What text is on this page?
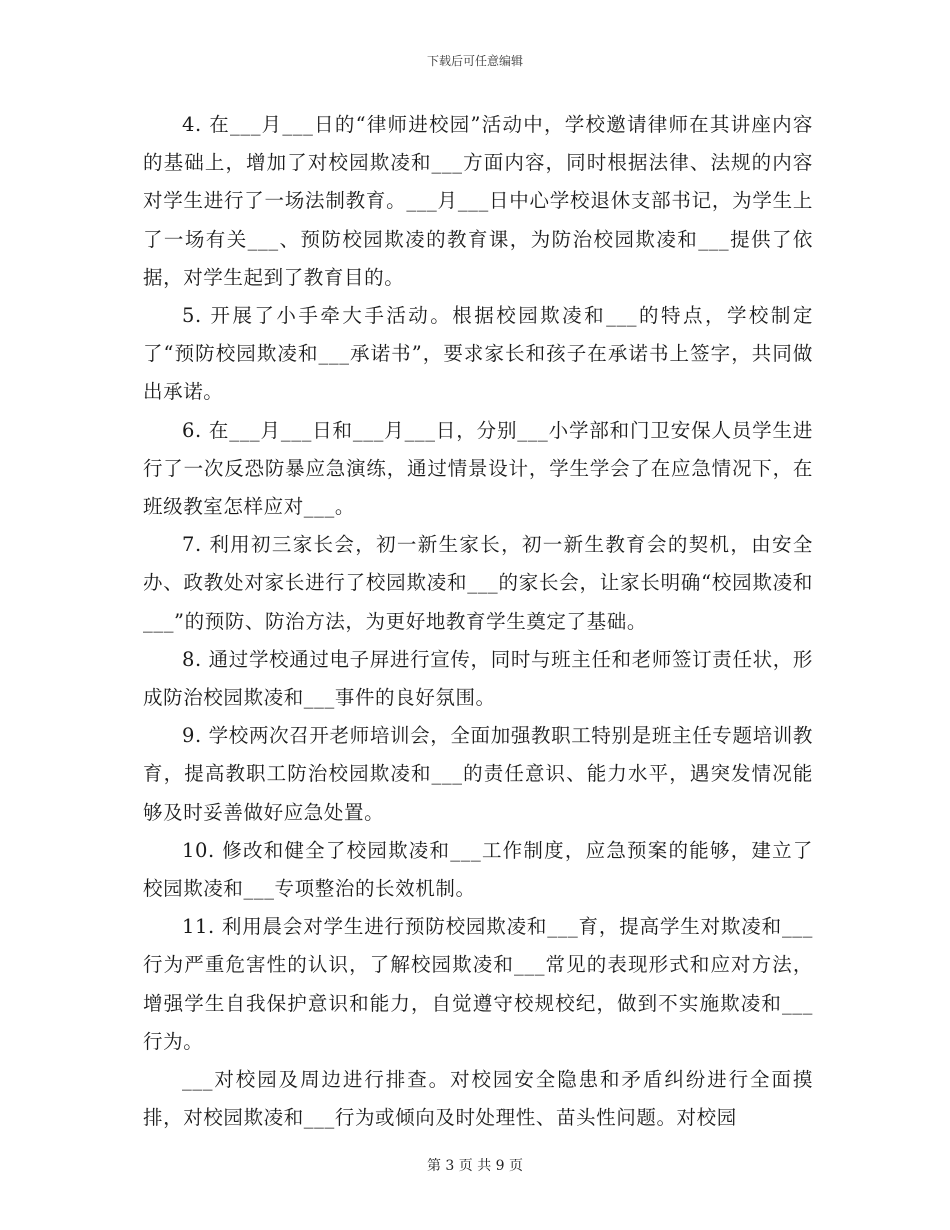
下载后可任意编辑

4. 在___月___日的“律师进校园”活动中，学校邀请律师在其讲座内容的基础上，增加了对校园欺凌和___方面内容，同时根据法律、法规的内容对学生进行了一场法制教育。___月___日中心学校退休支部书记，为学生上了一场有关___、预防校园欺凌的教育课，为防治校园欺凌和___提供了依据，对学生起到了教育目的。

5. 开展了小手牵大手活动。根据校园欺凌和___的特点，学校制定了“预防校园欺凌和___承诺书”，要求家长和孩子在承诺书上签字，共同做出承诺。

6. 在___月___日和___月___日，分别___小学部和门卫安保人员学生进行了一次反恐防暴应急演练，通过情景设计，学生学会了在应急情况下，在班级教室怎样应对___。

7. 利用初三家长会，初一新生家长，初一新生教育会的契机，由安全办、政教处对家长进行了校园欺凌和___的家长会，让家长明确“校园欺凌和___”的预防、防治方法，为更好地教育学生奠定了基础。

8. 通过学校通过电子屏进行宣传，同时与班主任和老师签订责任状，形成防治校园欺凌和___事件的良好氛围。

9. 学校两次召开老师培训会，全面加强教职工特别是班主任专题培训教育，提高教职工防治校园欺凌和___的责任意识、能力水平，遇突发情况能够及时妥善做好应急处置。

10. 修改和健全了校园欺凌和___工作制度，应急预案的能够，建立了校园欺凌和___专项整治的长效机制。

11. 利用晨会对学生进行预防校园欺凌和___育，提高学生对欺凌和___行为严重危害性的认识，了解校园欺凌和___常见的表现形式和应对方法，增强学生自我保护意识和能力，自觉遵守校规校纪，做到不实施欺凌和___行为。

___对校园及周边进行排查。对校园安全隐患和矛盾纠纷进行全面摸排，对校园欺凌和___行为或倾向及时处理性、苗头性问题。对校园

第 3 页 共 9 页
